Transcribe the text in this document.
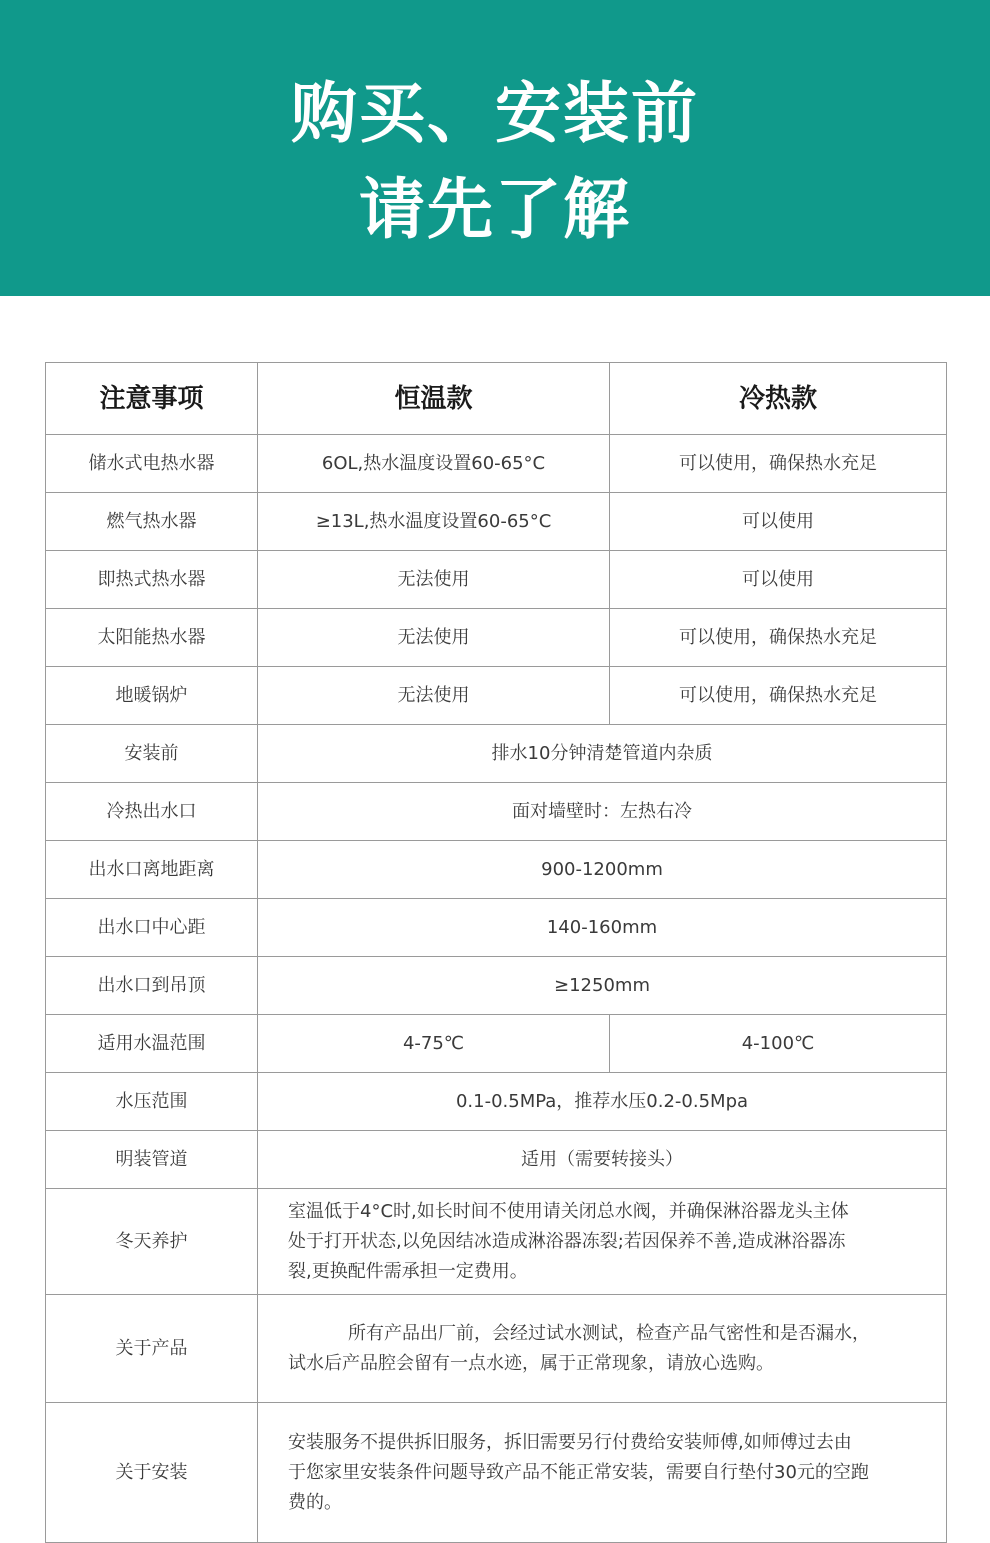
购买、安装前
请先了解
注意事项	恒温款	冷热款
储水式电热水器	6OL,热水温度设置60-65°C	可以使用，确保热水充足
燃气热水器	≥13L,热水温度设置60-65°C	可以使用
即热式热水器	无法使用	可以使用
太阳能热水器	无法使用	可以使用，确保热水充足
地暖锅炉	无法使用	可以使用，确保热水充足
安装前	排水10分钟清楚管道内杂质	
冷热出水口	面对墙壁时：左热右冷	
出水口离地距离	900-1200mm	
出水口中心距	140-160mm	
出水口到吊顶	≥1250mm	
适用水温范围	4-75℃	4-100℃
水压范围	0.1-0.5MPa，推荐水压0.2-0.5Mpa	
明装管道	适用（需要转接头）	
冬天养护	室温低于4°C时,如长时间不使用请关闭总水阀，并确保淋浴器龙头主体
处于打开状态,以免因结冰造成淋浴器冻裂;若因保养不善,造成淋浴器冻
裂,更换配件需承担一定费用。	
关于产品	所有产品出厂前，会经过试水测试，检查产品气密性和是否漏水，
试水后产品腔会留有一点水迹，属于正常现象，请放心选购。	
关于安装	安装服务不提供拆旧服务，拆旧需要另行付费给安装师傅,如师傅过去由
于您家里安装条件问题导致产品不能正常安装，需要自行垫付30元的空跑
费的。	
